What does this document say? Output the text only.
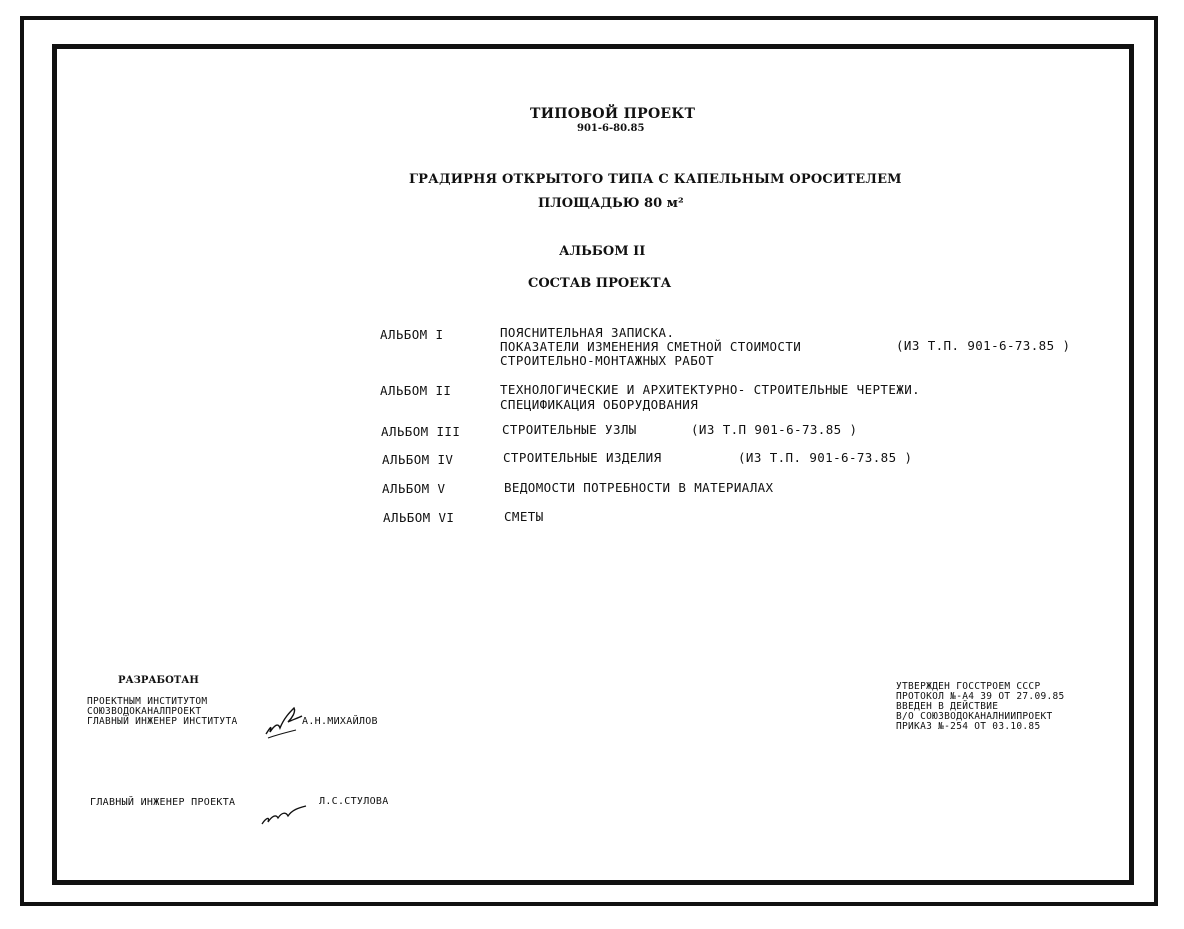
ТИПОВОЙ ПРОЕКТ
901-6-80.85
ГРАДИРНЯ ОТКРЫТОГО ТИПА С КАПЕЛЬНЫМ ОРОСИТЕЛЕМ
ПЛОЩАДЬЮ 80 м²
АЛЬБОМ II
СОСТАВ ПРОЕКТА
АЛЬБОМ I	ПОЯСНИТЕЛЬНАЯ ЗАПИСКА.
ПОКАЗАТЕЛИ ИЗМЕНЕНИЯ СМЕТНОЙ СТОИМОСТИ
СТРОИТЕЛЬНО-МОНТАЖНЫХ РАБОТ
(ИЗ Т.П. 901-6-73.85 )
АЛЬБОМ II	ТЕХНОЛОГИЧЕСКИЕ И АРХИТЕКТУРНО- СТРОИТЕЛЬНЫЕ ЧЕРТЕЖИ.
СПЕЦИФИКАЦИЯ ОБОРУДОВАНИЯ
АЛЬБОМ III	СТРОИТЕЛЬНЫЕ УЗЛЫ	(ИЗ Т.П 901-6-73.85 )
АЛЬБОМ IV	СТРОИТЕЛЬНЫЕ ИЗДЕЛИЯ	(ИЗ Т.П. 901-6-73.85 )
АЛЬБОМ V	ВЕДОМОСТИ ПОТРЕБНОСТИ В МАТЕРИАЛАХ
АЛЬБОМ VI	СМЕТЫ
РАЗРАБОТАН
ПРОЕКТНЫМ ИНСТИТУТОМ
СОЮЗВОДОКАНАЛПРОЕКТ
ГЛАВНЫЙ ИНЖЕНЕР ИНСТИТУТА	А.Н.МИХАЙЛОВ
УТВЕРЖДЕН ГОССТРОЕМ СССР
ПРОТОКОЛ №-А4 39 ОТ 27.09.85
ВВЕДЕН В ДЕЙСТВИЕ
В/О СОЮЗВОДОКАНАЛНИИПРОЕКТ
ПРИКАЗ №-254 ОТ 03.10.85
ГЛАВНЫЙ ИНЖЕНЕР ПРОЕКТА	Л.С.СТУЛОВА
